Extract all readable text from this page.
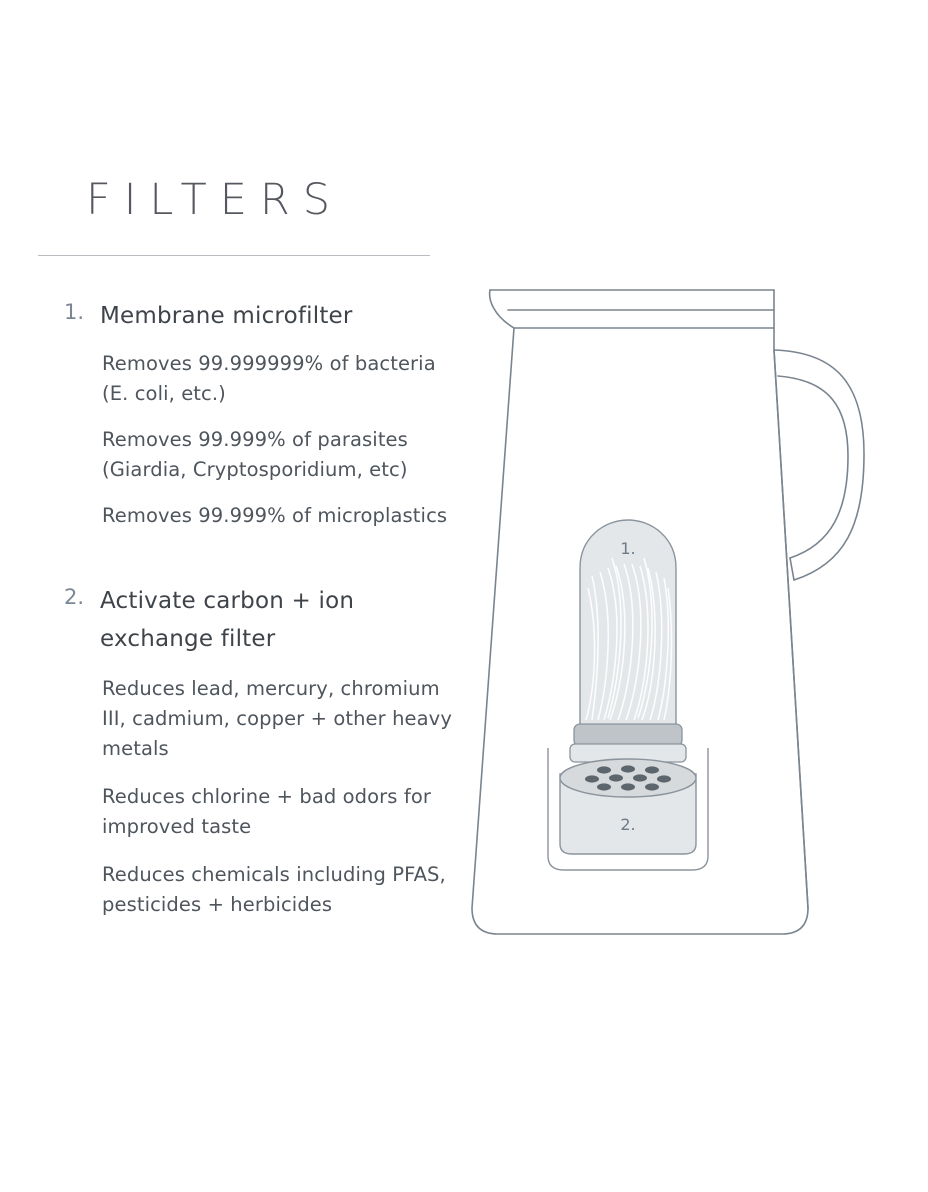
FILTERS
1. Membrane microfilter
Removes 99.999999% of bacteria (E. coli, etc.)
Removes 99.999% of parasites (Giardia, Cryptosporidium, etc)
Removes 99.999% of microplastics
2. Activate carbon + ion exchange filter
Reduces lead, mercury, chromium III, cadmium, copper + other heavy metals
Reduces chlorine + bad odors for improved taste
Reduces chemicals including PFAS, pesticides + herbicides
1.
2.
